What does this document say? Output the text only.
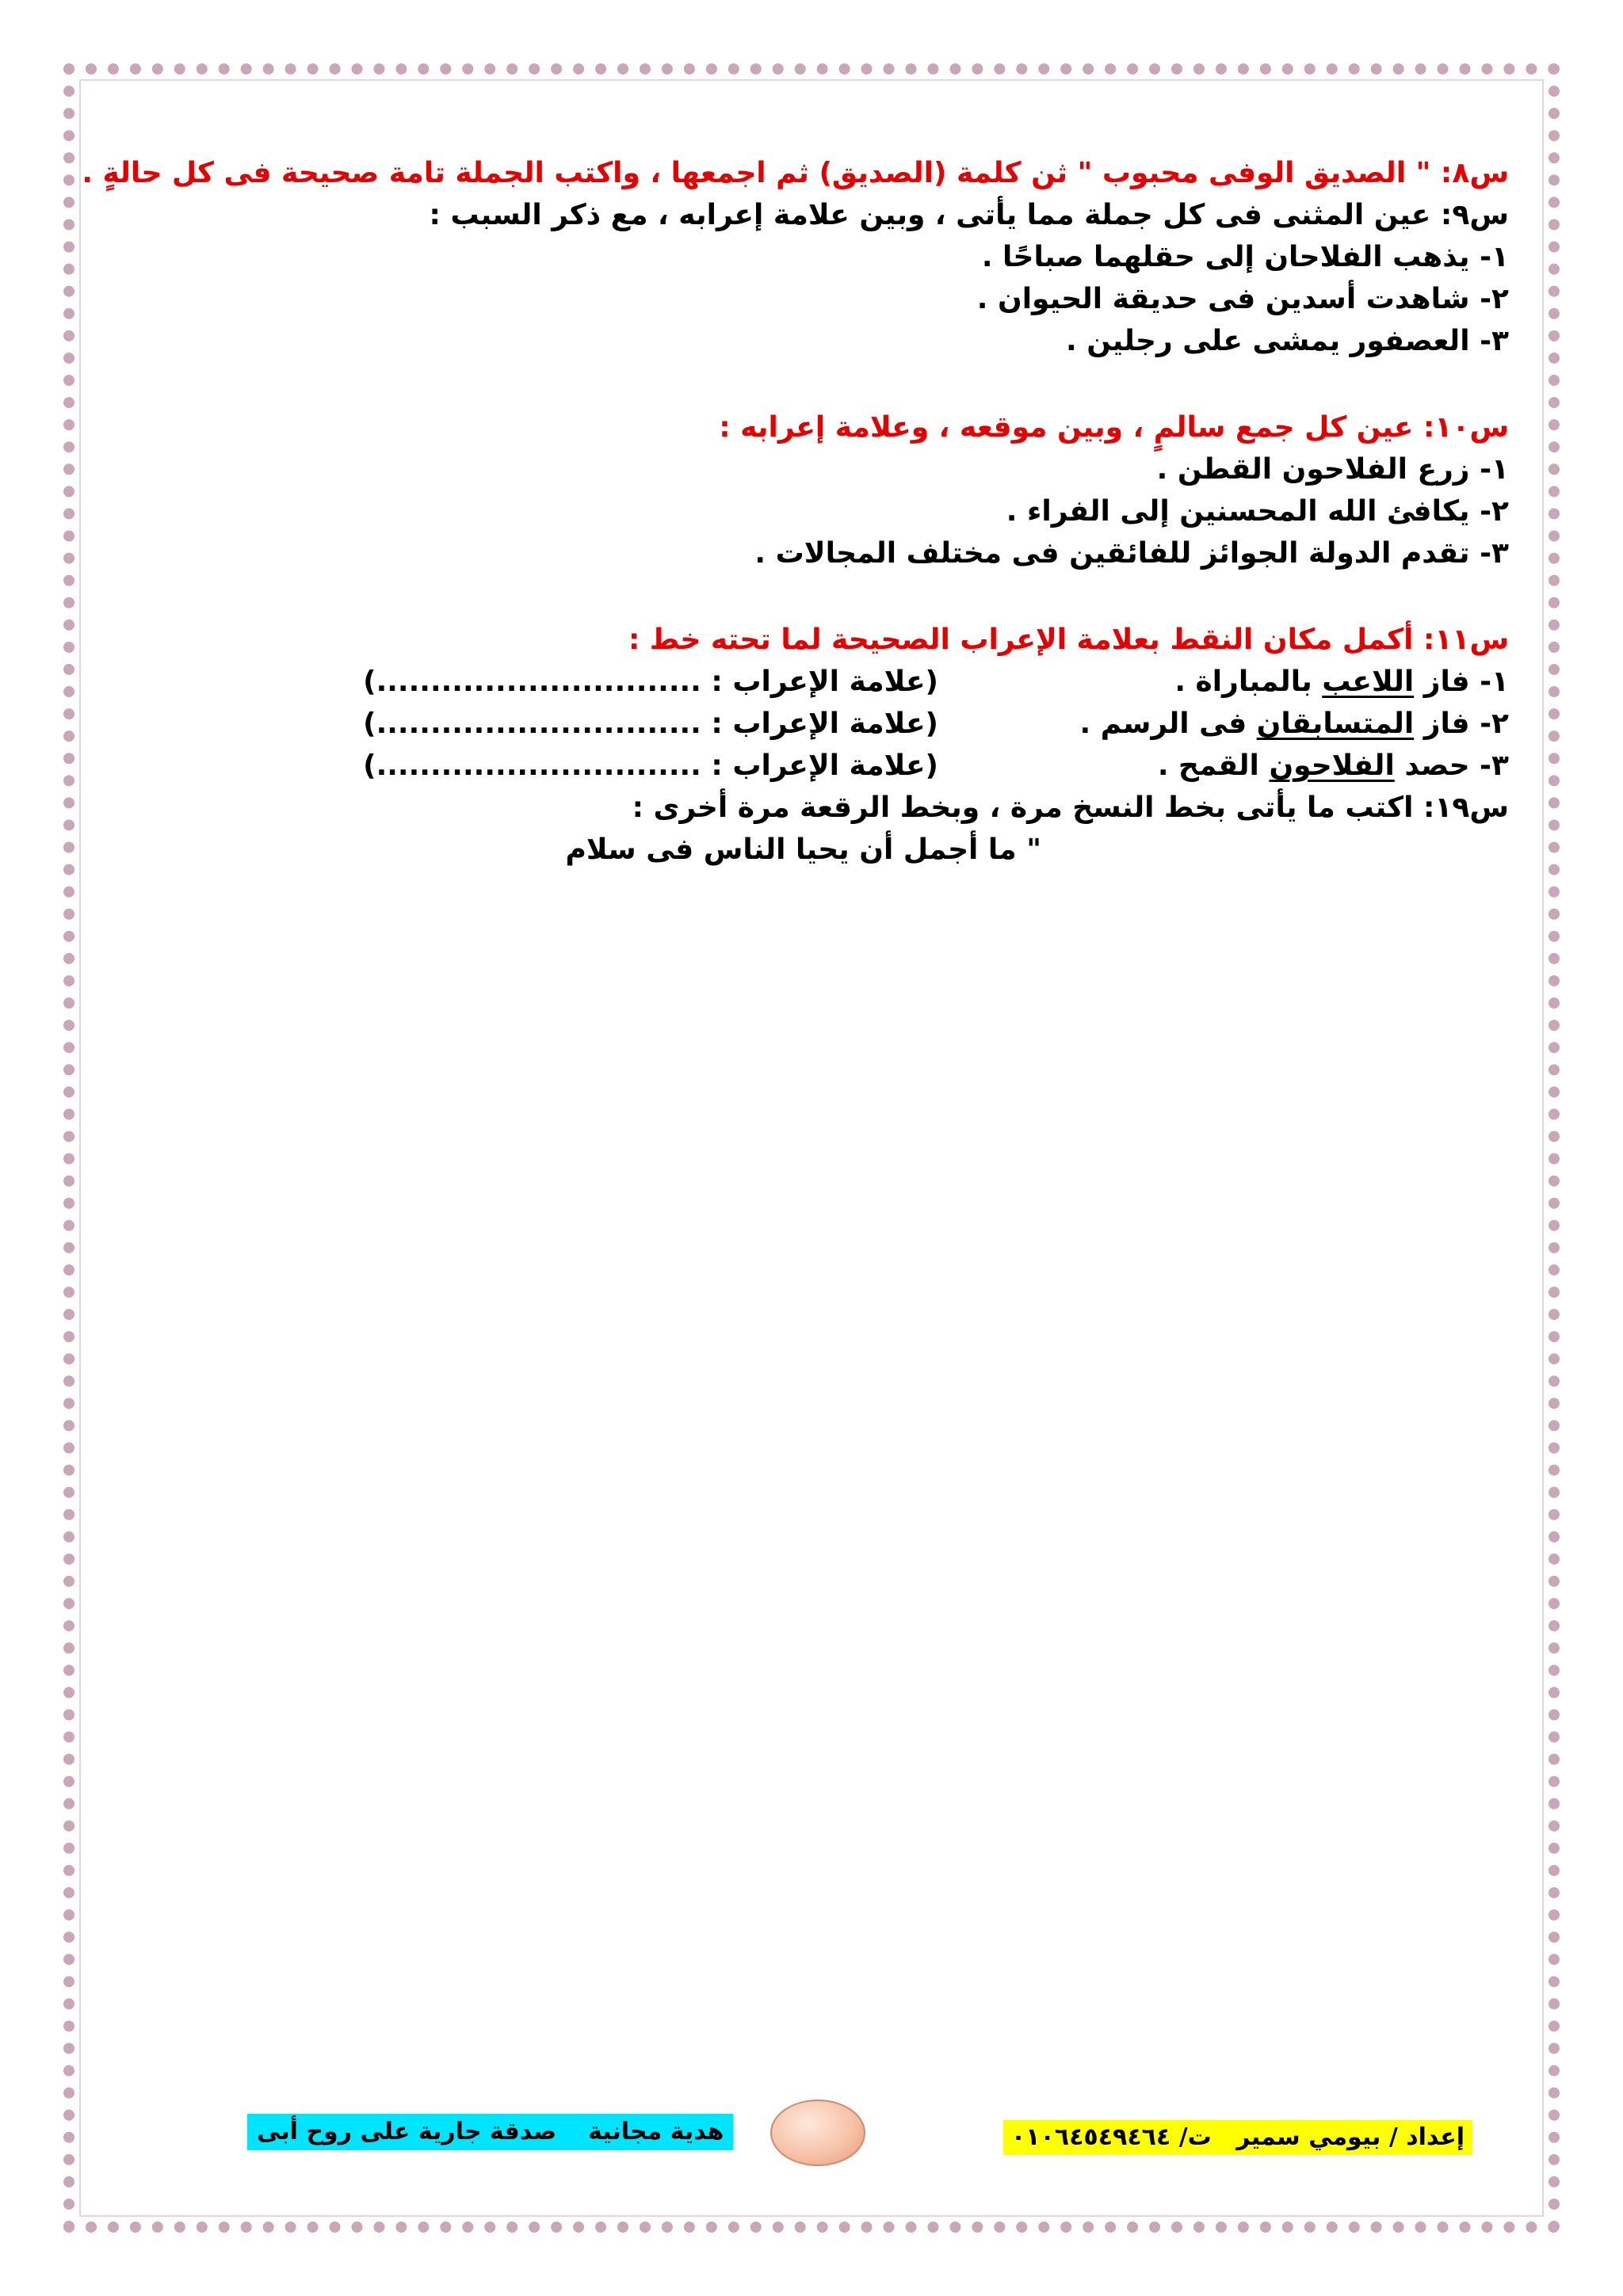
س٨: " الصديق الوفى محبوب " ثن كلمة (الصديق) ثم اجمعها ، واكتب الجملة تامة صحيحة فى كل حالةٍ .
س٩: عين المثنى فى كل جملة مما يأتى ، وبين علامة إعرابه ، مع ذكر السبب :
١- يذهب الفلاحان إلى حقلهما صباحًا .
٢- شاهدت أسدين فى حديقة الحيوان .
٣- العصفور يمشى على رجلين .
س١٠: عين كل جمع سالمٍ ، وبين موقعه ، وعلامة إعرابه :
١- زرع الفلاحون القطن .
٢- يكافئ الله المحسنين إلى الفراء .
٣- تقدم الدولة الجوائز للفائقين فى مختلف المجالات .
س١١: أكمل مكان النقط بعلامة الإعراب الصحيحة لما تحته خط :
١- فاز اللاعب بالمباراة .
(علامة الإعراب : ..............................)
٢- فاز المتسابقان فى الرسم .
(علامة الإعراب : ..............................)
٣- حصد الفلاحون القمح .
(علامة الإعراب : ..............................)
س١٩: اكتب ما يأتى بخط النسخ مرة ، وبخط الرقعة مرة أخرى :
" ما أجمل أن يحيا الناس فى سلام
هدية مجانيةصدقة جارية على روح أبى	إعداد / بيومي سمير   ت/ ٠١٠٦٤٥٤٩٤٦٤
